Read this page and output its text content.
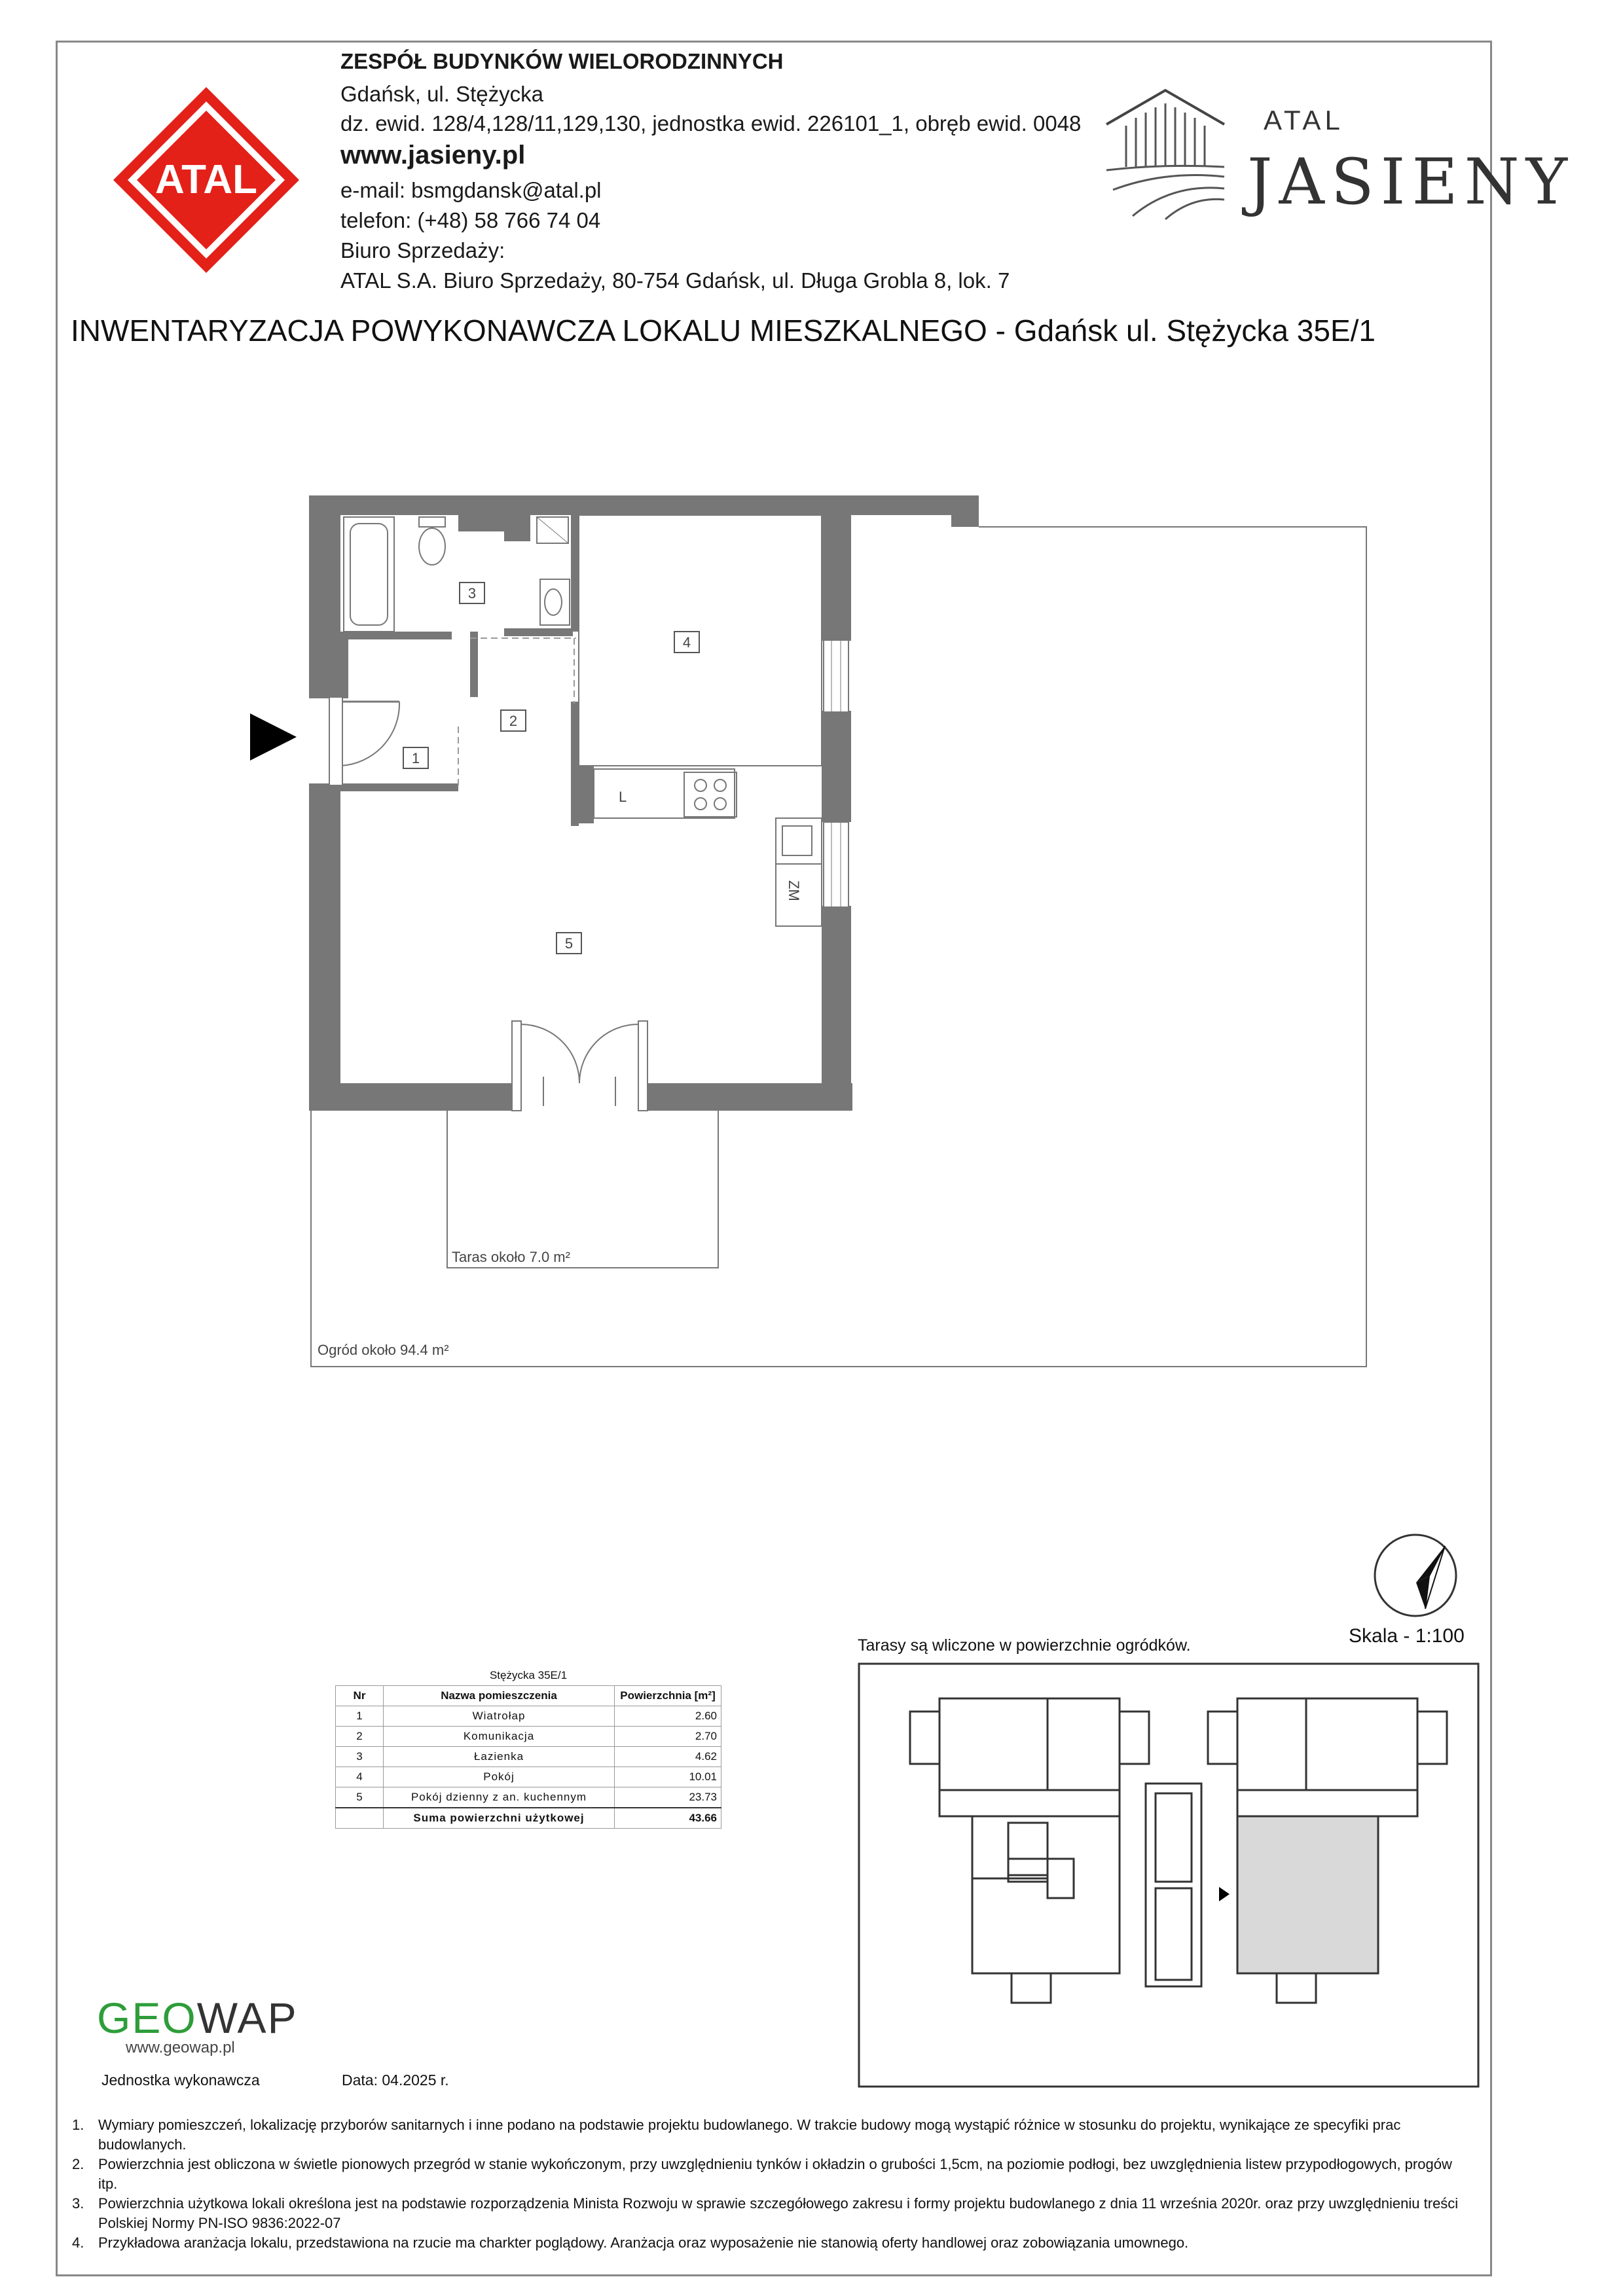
ATAL
ZESPÓŁ BUDYNKÓW WIELORODZINNYCH
Gdańsk, ul. Stężycka
dz. ewid. 128/4,128/11,129,130, jednostka ewid. 226101_1, obręb ewid. 0048
www.jasieny.pl
e-mail: bsmgdansk@atal.pl
telefon: (+48) 58 766 74 04
Biuro Sprzedaży:
ATAL S.A. Biuro Sprzedaży, 80-754 Gdańsk, ul. Długa Grobla 8, lok. 7
ATAL
JASIENY
INWENTARYZACJA POWYKONAWCZA LOKALU MIESZKALNEGO - Gdańsk ul. Stężycka 35E/1
L
ZM
1
2
3
4
5
Taras około 7.0 m²
Ogród około 94.4 m²
Skala - 1:100
Stężycka 35E/1		
Nr	Nazwa pomieszczenia	Powierzchnia [m²]
1	Wiatrołap	2.60
2	Komunikacja	2.70
3	Łazienka	4.62
4	Pokój	10.01
5	Pokój dzienny z an. kuchennym	23.73
	Suma powierzchni użytkowej	43.66
Tarasy są wliczone w powierzchnie ogródków.
GEOWAP
www.geowap.pl
Jednostka wykonawcza	Data: 04.2025 r.
1. Wymiary pomieszczeń, lokalizację przyborów sanitarnych i inne podano na podstawie projektu budowlanego. W trakcie budowy mogą wystąpić różnice w stosunku do projektu, wynikające ze specyfiki prac budowlanych.
2. Powierzchnia jest obliczona w świetle pionowych przegród w stanie wykończonym, przy uwzględnieniu tynków i okładzin o grubości 1,5cm, na poziomie podłogi, bez uwzględnienia listew przypodłogowych, progów itp.
3. Powierzchnia użytkowa lokali określona jest na podstawie rozporządzenia Minista Rozwoju w sprawie szczegółowego zakresu i formy projektu budowlanego z dnia 11 września 2020r. oraz przy uwzględnieniu treści Polskiej Normy PN-ISO 9836:2022-07
4. Przykładowa aranżacja lokalu, przedstawiona na rzucie ma charkter poglądowy. Aranżacja oraz wyposażenie nie stanowią oferty handlowej oraz zobowiązania umownego.
